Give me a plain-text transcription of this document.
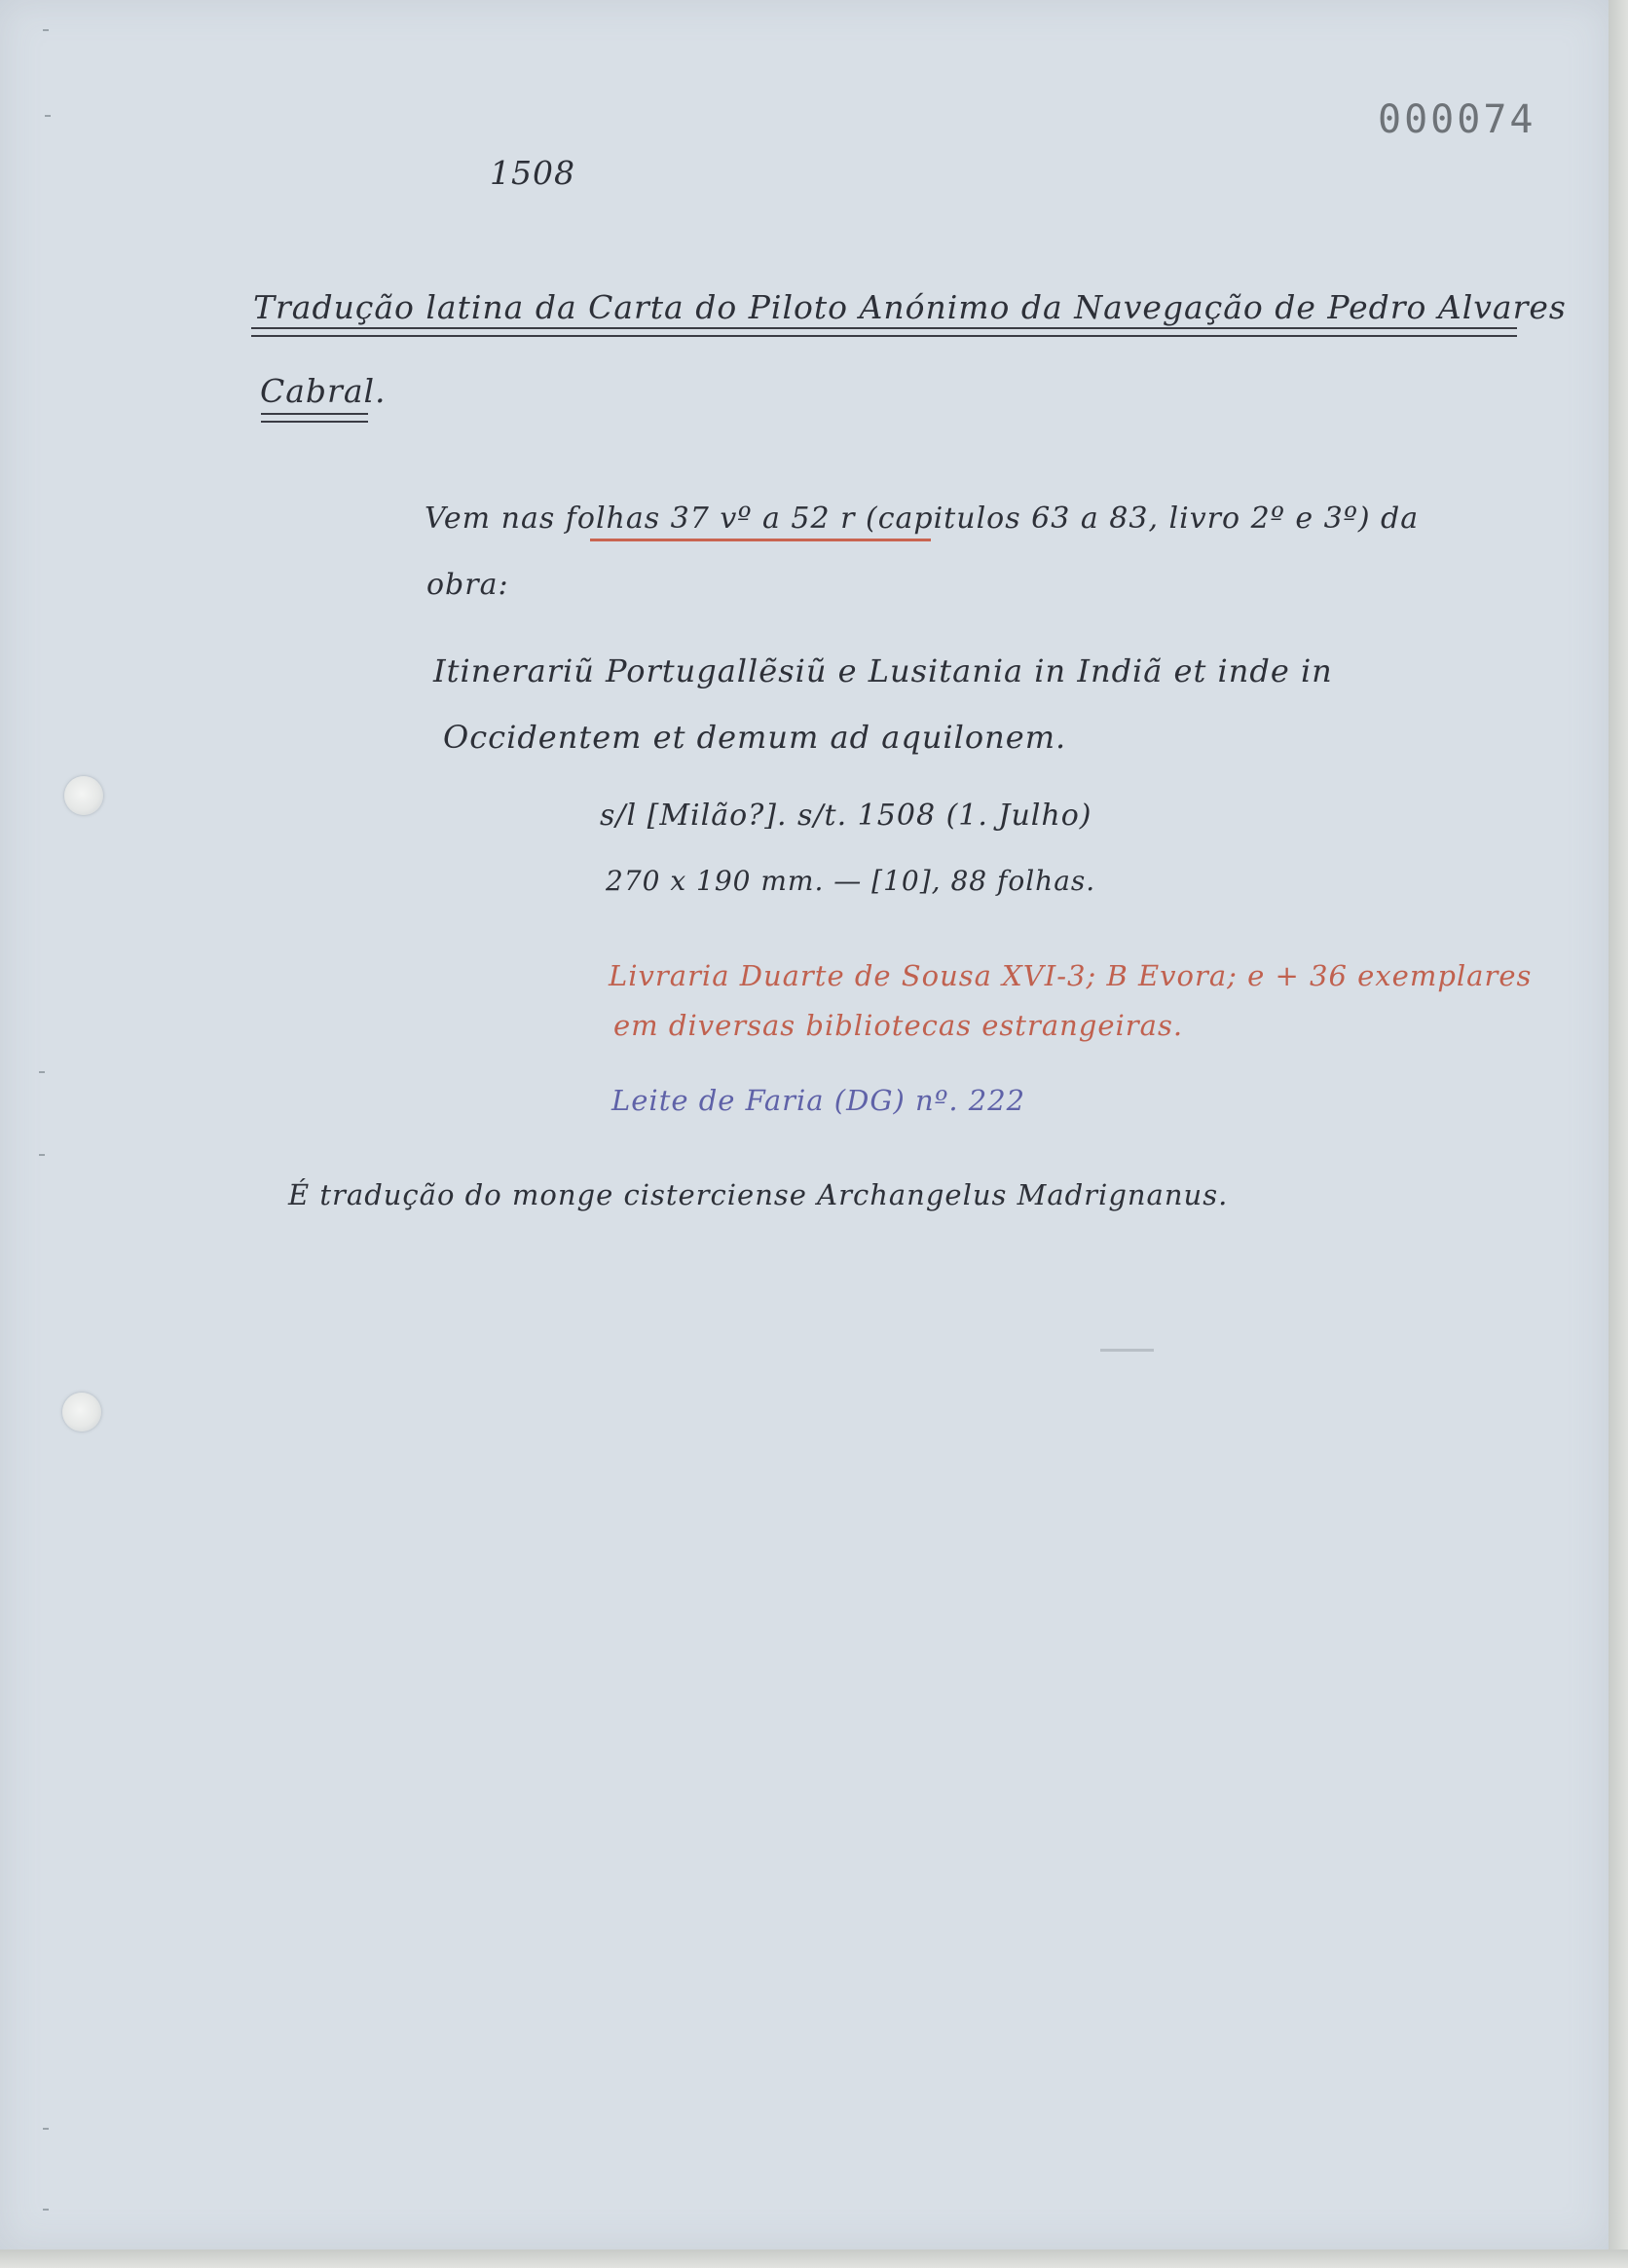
000074
1508
Tradução latina da Carta do Piloto Anónimo da Navegação de Pedro Alvares
Cabral.
Vem nas folhas 37 vº a 52 r (capitulos 63 a 83, livro 2º e 3º) da
obra:
Itinerariũ Portugallẽsiũ e Lusitania in Indiã et inde in
Occidentem et demum ad aquilonem.
s/l [Milão?]. s/t. 1508 (1. Julho)
270 x 190 mm. — [10], 88 folhas.
Livraria Duarte de Sousa XVI-3; B Evora; e + 36 exemplares
em diversas bibliotecas estrangeiras.
Leite de Faria (DG) nº. 222
É tradução do monge cisterciense Archangelus Madrignanus.
